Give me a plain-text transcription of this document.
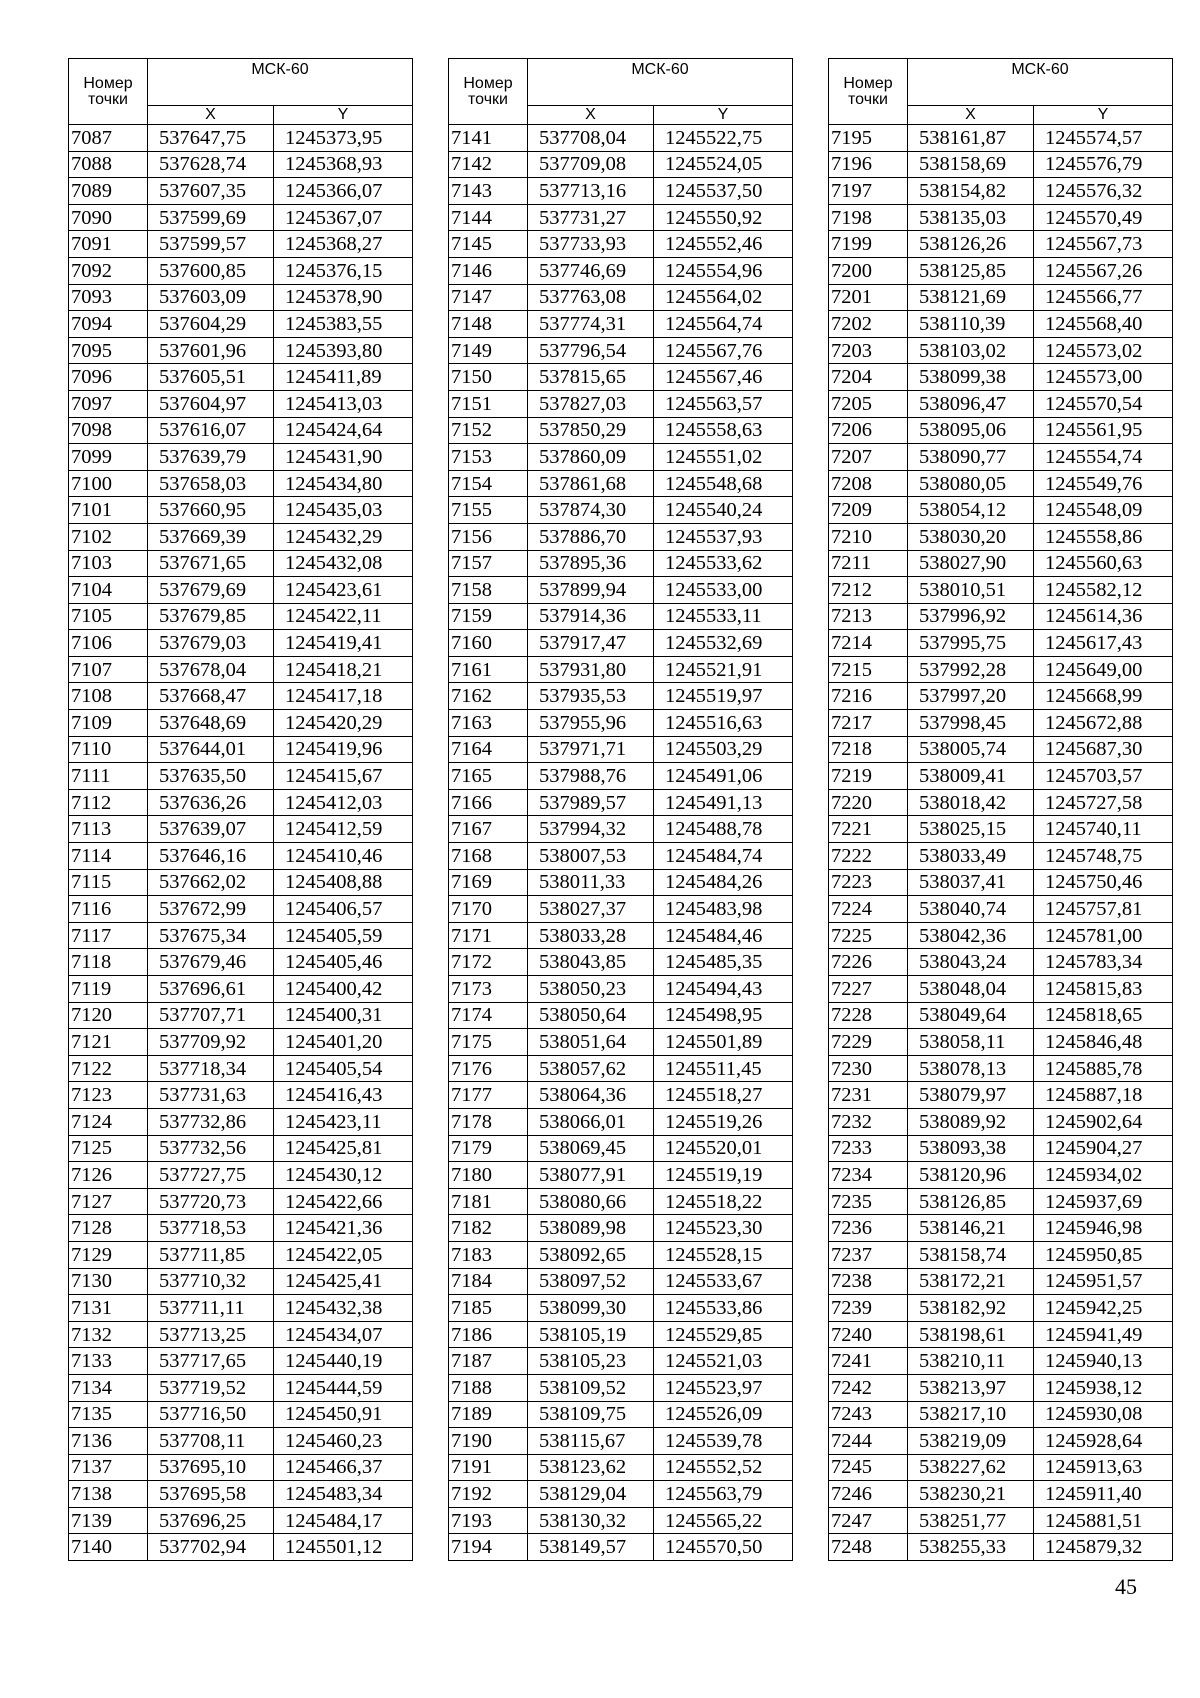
Номер точки	МСК-60	
	X	Y
7087	537647,75	1245373,95
7088	537628,74	1245368,93
7089	537607,35	1245366,07
7090	537599,69	1245367,07
7091	537599,57	1245368,27
7092	537600,85	1245376,15
7093	537603,09	1245378,90
7094	537604,29	1245383,55
7095	537601,96	1245393,80
7096	537605,51	1245411,89
7097	537604,97	1245413,03
7098	537616,07	1245424,64
7099	537639,79	1245431,90
7100	537658,03	1245434,80
7101	537660,95	1245435,03
7102	537669,39	1245432,29
7103	537671,65	1245432,08
7104	537679,69	1245423,61
7105	537679,85	1245422,11
7106	537679,03	1245419,41
7107	537678,04	1245418,21
7108	537668,47	1245417,18
7109	537648,69	1245420,29
7110	537644,01	1245419,96
7111	537635,50	1245415,67
7112	537636,26	1245412,03
7113	537639,07	1245412,59
7114	537646,16	1245410,46
7115	537662,02	1245408,88
7116	537672,99	1245406,57
7117	537675,34	1245405,59
7118	537679,46	1245405,46
7119	537696,61	1245400,42
7120	537707,71	1245400,31
7121	537709,92	1245401,20
7122	537718,34	1245405,54
7123	537731,63	1245416,43
7124	537732,86	1245423,11
7125	537732,56	1245425,81
7126	537727,75	1245430,12
7127	537720,73	1245422,66
7128	537718,53	1245421,36
7129	537711,85	1245422,05
7130	537710,32	1245425,41
7131	537711,11	1245432,38
7132	537713,25	1245434,07
7133	537717,65	1245440,19
7134	537719,52	1245444,59
7135	537716,50	1245450,91
7136	537708,11	1245460,23
7137	537695,10	1245466,37
7138	537695,58	1245483,34
7139	537696,25	1245484,17
7140	537702,94	1245501,12
Номер точки	МСК-60	
	X	Y
7141	537708,04	1245522,75
7142	537709,08	1245524,05
7143	537713,16	1245537,50
7144	537731,27	1245550,92
7145	537733,93	1245552,46
7146	537746,69	1245554,96
7147	537763,08	1245564,02
7148	537774,31	1245564,74
7149	537796,54	1245567,76
7150	537815,65	1245567,46
7151	537827,03	1245563,57
7152	537850,29	1245558,63
7153	537860,09	1245551,02
7154	537861,68	1245548,68
7155	537874,30	1245540,24
7156	537886,70	1245537,93
7157	537895,36	1245533,62
7158	537899,94	1245533,00
7159	537914,36	1245533,11
7160	537917,47	1245532,69
7161	537931,80	1245521,91
7162	537935,53	1245519,97
7163	537955,96	1245516,63
7164	537971,71	1245503,29
7165	537988,76	1245491,06
7166	537989,57	1245491,13
7167	537994,32	1245488,78
7168	538007,53	1245484,74
7169	538011,33	1245484,26
7170	538027,37	1245483,98
7171	538033,28	1245484,46
7172	538043,85	1245485,35
7173	538050,23	1245494,43
7174	538050,64	1245498,95
7175	538051,64	1245501,89
7176	538057,62	1245511,45
7177	538064,36	1245518,27
7178	538066,01	1245519,26
7179	538069,45	1245520,01
7180	538077,91	1245519,19
7181	538080,66	1245518,22
7182	538089,98	1245523,30
7183	538092,65	1245528,15
7184	538097,52	1245533,67
7185	538099,30	1245533,86
7186	538105,19	1245529,85
7187	538105,23	1245521,03
7188	538109,52	1245523,97
7189	538109,75	1245526,09
7190	538115,67	1245539,78
7191	538123,62	1245552,52
7192	538129,04	1245563,79
7193	538130,32	1245565,22
7194	538149,57	1245570,50
Номер точки	МСК-60	
	X	Y
7195	538161,87	1245574,57
7196	538158,69	1245576,79
7197	538154,82	1245576,32
7198	538135,03	1245570,49
7199	538126,26	1245567,73
7200	538125,85	1245567,26
7201	538121,69	1245566,77
7202	538110,39	1245568,40
7203	538103,02	1245573,02
7204	538099,38	1245573,00
7205	538096,47	1245570,54
7206	538095,06	1245561,95
7207	538090,77	1245554,74
7208	538080,05	1245549,76
7209	538054,12	1245548,09
7210	538030,20	1245558,86
7211	538027,90	1245560,63
7212	538010,51	1245582,12
7213	537996,92	1245614,36
7214	537995,75	1245617,43
7215	537992,28	1245649,00
7216	537997,20	1245668,99
7217	537998,45	1245672,88
7218	538005,74	1245687,30
7219	538009,41	1245703,57
7220	538018,42	1245727,58
7221	538025,15	1245740,11
7222	538033,49	1245748,75
7223	538037,41	1245750,46
7224	538040,74	1245757,81
7225	538042,36	1245781,00
7226	538043,24	1245783,34
7227	538048,04	1245815,83
7228	538049,64	1245818,65
7229	538058,11	1245846,48
7230	538078,13	1245885,78
7231	538079,97	1245887,18
7232	538089,92	1245902,64
7233	538093,38	1245904,27
7234	538120,96	1245934,02
7235	538126,85	1245937,69
7236	538146,21	1245946,98
7237	538158,74	1245950,85
7238	538172,21	1245951,57
7239	538182,92	1245942,25
7240	538198,61	1245941,49
7241	538210,11	1245940,13
7242	538213,97	1245938,12
7243	538217,10	1245930,08
7244	538219,09	1245928,64
7245	538227,62	1245913,63
7246	538230,21	1245911,40
7247	538251,77	1245881,51
7248	538255,33	1245879,32
45
